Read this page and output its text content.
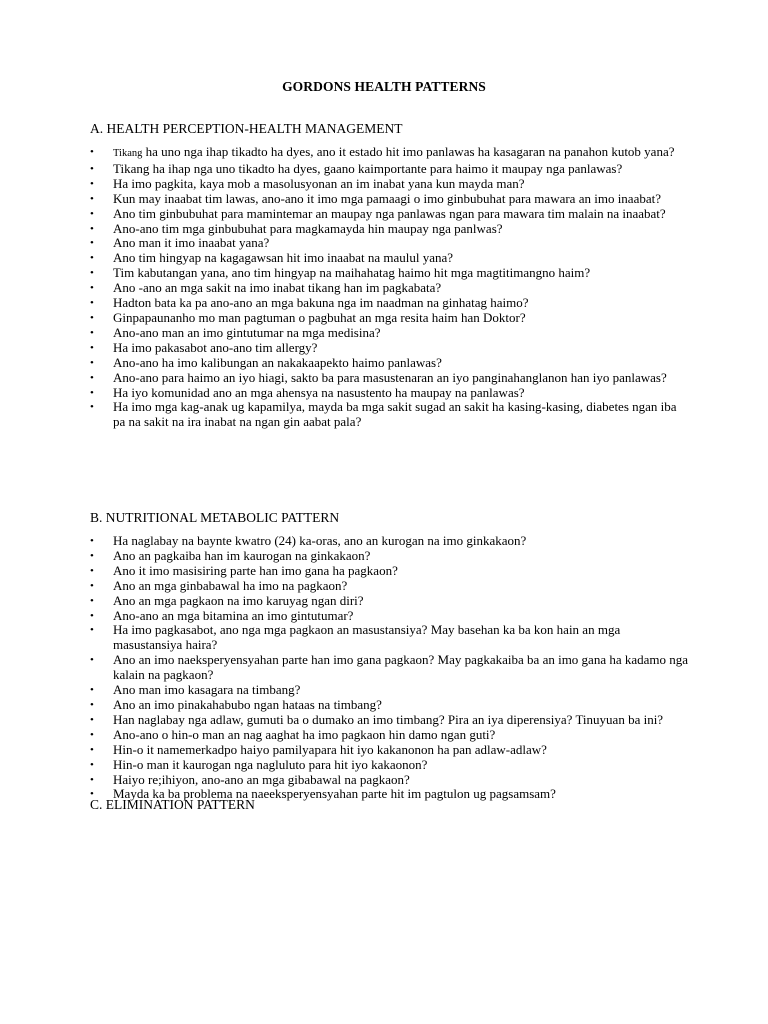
GORDONS HEALTH PATTERNS
A. HEALTH PERCEPTION-HEALTH MANAGEMENT
• Tikang ha uno nga ihap tikadto ha dyes, ano it estado hit imo panlawas ha kasagaran na panahon kutob yana?
• Tikang ha ihap nga uno tikadto ha dyes, gaano kaimportante para haimo it maupay nga panlawas?
• Ha imo pagkita, kaya mob a masolusyonan an im inabat yana kun mayda man?
• Kun may inaabat tim lawas, ano-ano it imo mga pamaagi o imo ginbubuhat para mawara an imo inaabat?
• Ano tim ginbubuhat para mamintemar an maupay nga panlawas ngan para mawara tim malain na inaabat?
• Ano-ano tim mga ginbubuhat para magkamayda hin maupay nga panlwas?
• Ano man it imo inaabat yana?
• Ano tim hingyap na kagagawsan hit imo inaabat na maulul yana?
• Tim kabutangan yana, ano tim hingyap na maihahatag haimo hit mga magtitimangno haim?
• Ano -ano an mga sakit na imo inabat tikang han im pagkabata?
• Hadton bata ka pa ano-ano an mga bakuna nga im naadman na ginhatag haimo?
• Ginpapaunanho mo man pagtuman o pagbuhat an mga resita haim han Doktor?
• Ano-ano man an imo gintutumar na mga medisina?
• Ha imo pakasabot ano-ano tim allergy?
• Ano-ano ha imo kalibungan an nakakaapekto haimo panlawas?
• Ano-ano para haimo an iyo hiagi, sakto ba para masustenaran an iyo panginahanglanon han iyo panlawas?
• Ha iyo komunidad ano an mga ahensya na nasustento ha maupay na panlawas?
• Ha imo mga kag-anak ug kapamilya, mayda ba mga sakit sugad an sakit ha kasing-kasing, diabetes ngan iba pa na sakit na ira inabat na ngan gin aabat pala?
B. NUTRITIONAL METABOLIC PATTERN
• Ha naglabay na baynte kwatro (24) ka-oras, ano an kurogan na imo ginkakaon?
• Ano an pagkaiba han im kaurogan na ginkakaon?
• Ano it imo masisiring parte han imo gana ha pagkaon?
• Ano an mga ginbabawal ha imo na pagkaon?
• Ano an mga pagkaon na imo karuyag ngan diri?
• Ano-ano an mga bitamina an imo gintutumar?
• Ha imo pagkasabot, ano nga mga pagkaon an masustansiya? May basehan ka ba kon hain an mga masustansiya haira?
• Ano an imo naeksperyensyahan parte han imo gana pagkaon? May pagkakaiba ba an imo gana ha kadamo nga kalain na pagkaon?
• Ano man imo kasagara na timbang?
• Ano an imo pinakahabubo ngan hataas na timbang?
• Han naglabay nga adlaw, gumuti ba o dumako an imo timbang? Pira an iya diperensiya? Tinuyuan ba ini?
• Ano-ano o hin-o man an nag aaghat ha imo pagkaon hin damo ngan guti?
• Hin-o it namemerkadpo haiyo pamilyapara hit iyo kakanonon ha pan adlaw-adlaw?
• Hin-o man it kaurogan nga nagluluto para hit iyo kakaonon?
• Haiyo re;ihiyon, ano-ano an mga gibabawal na pagkaon?
• Mayda ka ba problema na naeeksperyensyahan parte hit im pagtulon ug pagsamsam?
C. ELIMINATION PATTERN
